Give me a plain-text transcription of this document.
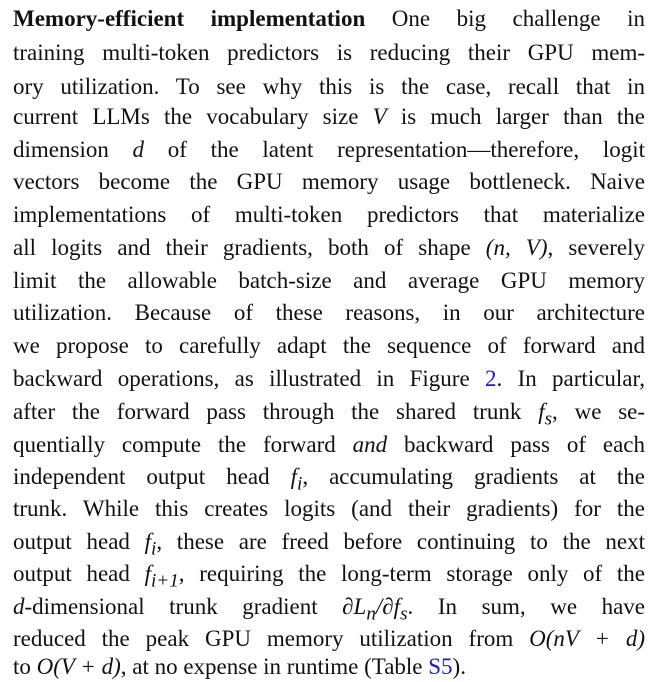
Memory-efficient implementation One big challenge in
training multi-token predictors is reducing their GPU mem-
ory utilization. To see why this is the case, recall that in
current LLMs the vocabulary size V is much larger than the
dimension d of the latent representation—therefore, logit
vectors become the GPU memory usage bottleneck. Naive
implementations of multi-token predictors that materialize
all logits and their gradients, both of shape (n, V), severely
limit the allowable batch-size and average GPU memory
utilization. Because of these reasons, in our architecture
we propose to carefully adapt the sequence of forward and
backward operations, as illustrated in Figure 2. In particular,
after the forward pass through the shared trunk $f_s$, we se-
quentially compute the forward and backward pass of each
independent output head $f_i$, accumulating gradients at the
trunk. While this creates logits (and their gradients) for the
output head $f_i$, these are freed before continuing to the next
output head $f_{i+1}$, requiring the long-term storage only of the
d-dimensional trunk gradient $\partial L_n/\partial f_s$. In sum, we have
reduced the peak GPU memory utilization from O(nV + d)
to O(V + d), at no expense in runtime (Table S5).
